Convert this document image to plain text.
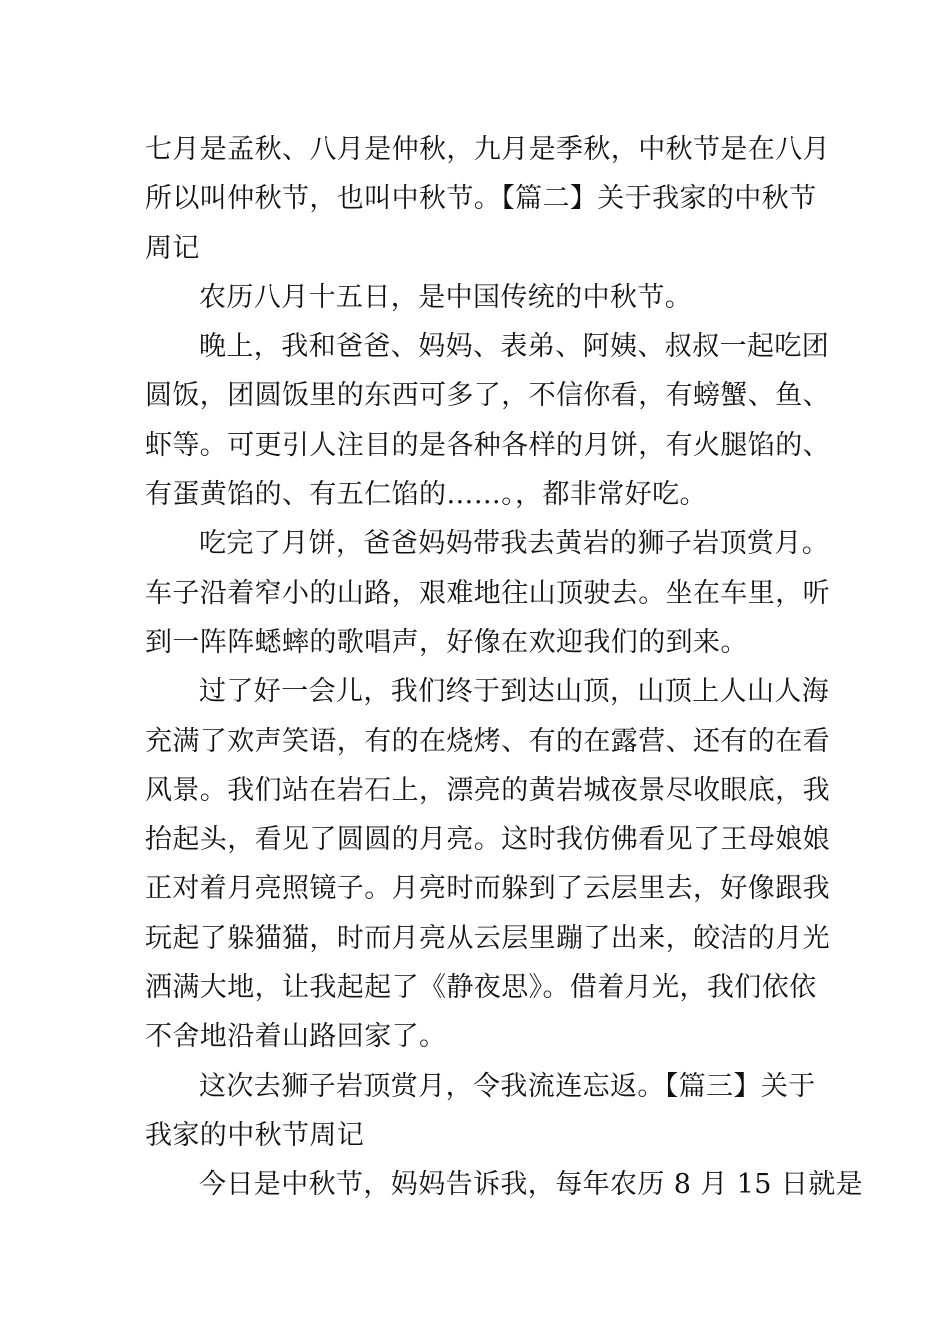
七月是孟秋、八月是仲秋，九月是季秋，中秋节是在八月
所以叫仲秋节，也叫中秋节。【篇二】关于我家的中秋节
周记
农历八月十五日，是中国传统的中秋节。
晚上，我和爸爸、妈妈、表弟、阿姨、叔叔一起吃团
圆饭，团圆饭里的东西可多了，不信你看，有螃蟹、鱼、
虾等。可更引人注目的是各种各样的月饼，有火腿馅的、
有蛋黄馅的、有五仁馅的……。，都非常好吃。
吃完了月饼，爸爸妈妈带我去黄岩的狮子岩顶赏月。
车子沿着窄小的山路，艰难地往山顶驶去。坐在车里，听
到一阵阵蟋蟀的歌唱声，好像在欢迎我们的到来。
过了好一会儿，我们终于到达山顶，山顶上人山人海
充满了欢声笑语，有的在烧烤、有的在露营、还有的在看
风景。我们站在岩石上，漂亮的黄岩城夜景尽收眼底，我
抬起头，看见了圆圆的月亮。这时我仿佛看见了王母娘娘
正对着月亮照镜子。月亮时而躲到了云层里去，好像跟我
玩起了躲猫猫，时而月亮从云层里蹦了出来，皎洁的月光
洒满大地，让我起起了《静夜思》。借着月光，我们依依
不舍地沿着山路回家了。
这次去狮子岩顶赏月，令我流连忘返。【篇三】关于
我家的中秋节周记
今日是中秋节，妈妈告诉我，每年农历 8 月 15 日就是
